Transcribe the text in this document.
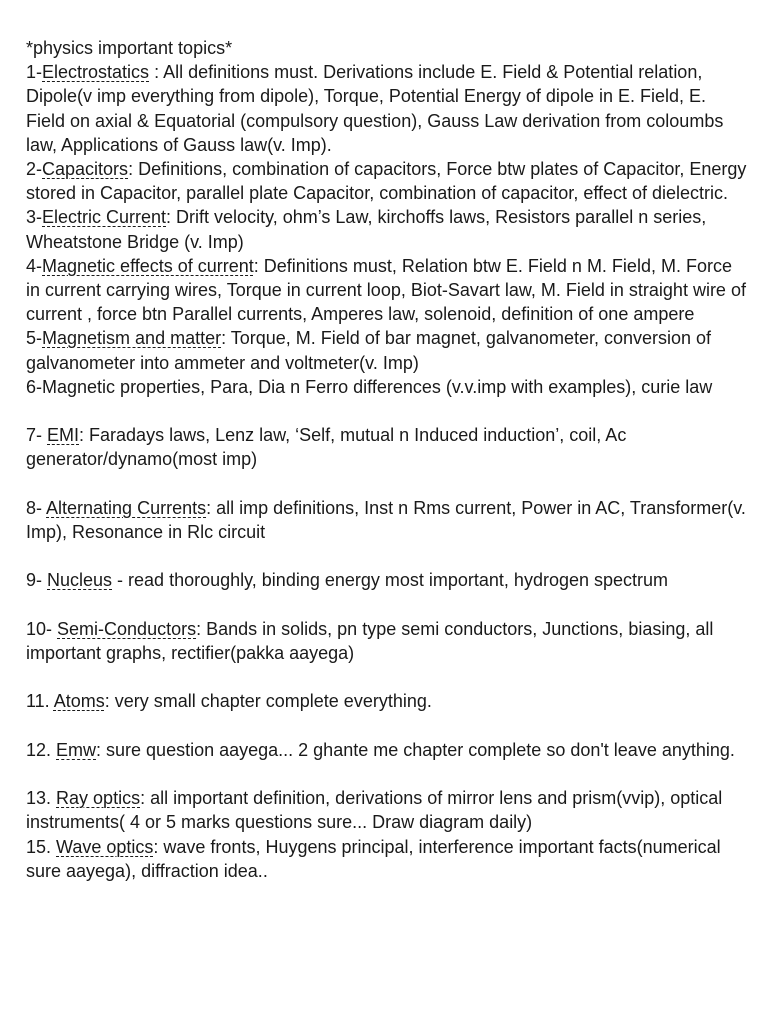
*physics important topics*
1-Electrostatics : All definitions must. Derivations include E. Field & Potential relation, Dipole(v imp everything from dipole), Torque, Potential Energy of dipole in E. Field, E. Field on axial & Equatorial (compulsory question), Gauss Law derivation from coloumbs law, Applications of Gauss law(v. Imp).
2-Capacitors: Definitions, combination of capacitors, Force btw plates of Capacitor, Energy stored in Capacitor, parallel plate Capacitor, combination of capacitor, effect of dielectric.
3-Electric Current: Drift velocity, ohm’s Law, kirchoffs laws, Resistors parallel n series, Wheatstone Bridge (v. Imp)
4-Magnetic effects of current: Definitions must, Relation btw E. Field n M. Field, M. Force in current carrying wires, Torque in current loop, Biot-Savart law, M. Field in straight wire of current , force btn Parallel currents, Amperes law, solenoid, definition of one ampere
5-Magnetism and matter: Torque, M. Field of bar magnet, galvanometer, conversion of galvanometer into ammeter and voltmeter(v. Imp)
6-Magnetic properties, Para, Dia n Ferro differences (v.v.imp with examples), curie law
7- EMI: Faradays laws, Lenz law, ‘Self, mutual n Induced induction’, coil, Ac generator/dynamo(most imp)
8- Alternating Currents: all imp definitions, Inst n Rms current, Power in AC, Transformer(v. Imp), Resonance in Rlc circuit
9- Nucleus - read thoroughly, binding energy most important, hydrogen spectrum
10- Semi-Conductors: Bands in solids, pn type semi conductors, Junctions, biasing, all important graphs, rectifier(pakka aayega)
11. Atoms: very small chapter complete everything.
12. Emw: sure question aayega... 2 ghante me chapter complete so don't leave anything.
13. Ray optics: all important definition, derivations of mirror lens and prism(vvip), optical instruments( 4 or 5 marks questions sure... Draw diagram daily)
15. Wave optics: wave fronts, Huygens principal, interference important facts(numerical sure aayega), diffraction idea..
